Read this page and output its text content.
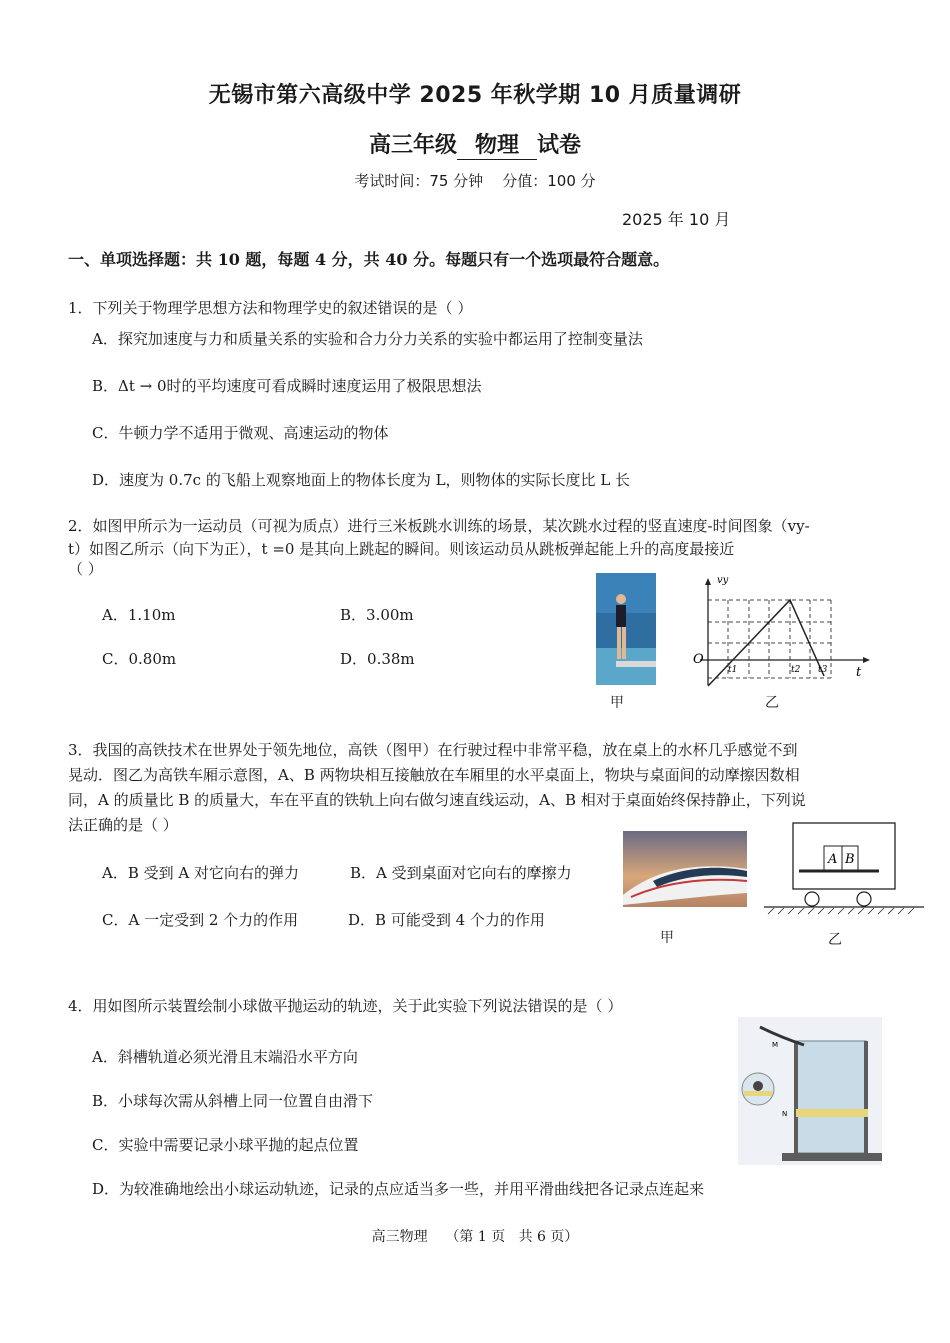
无锡市第六高级中学 2025 年秋学期 10 月质量调研
高三年级 物理 试卷
考试时间：75 分钟    分值：100 分
2025 年 10 月
一、单项选择题：共 10 题，每题 4 分，共 40 分。每题只有一个选项最符合题意。
1．下列关于物理学思想方法和物理学史的叙述错误的是（ ）
A．探究加速度与力和质量关系的实验和合力分力关系的实验中都运用了控制变量法
B．Δt → 0时的平均速度可看成瞬时速度运用了极限思想法
C．牛顿力学不适用于微观、高速运动的物体
D．速度为 0.7c 的飞船上观察地面上的物体长度为 L，则物体的实际长度比 L 长
2．如图甲所示为一运动员（可视为质点）进行三米板跳水训练的场景，某次跳水过程的竖直速度-时间图象（vy-
t）如图乙所示（向下为正），t =0 是其向上跳起的瞬间。则该运动员从跳板弹起能上升的高度最接近
（ ）
A．1.10m	B．3.00m
C．0.80m	D．0.38m
甲
vy
O
t
t1	t2 t3
乙
3．我国的高铁技术在世界处于领先地位，高铁（图甲）在行驶过程中非常平稳，放在桌上的水杯几乎感觉不到
晃动．图乙为高铁车厢示意图，A、B 两物块相互接触放在车厢里的水平桌面上，物块与桌面间的动摩擦因数相
同，A 的质量比 B 的质量大，车在平直的铁轨上向右做匀速直线运动，A、B 相对于桌面始终保持静止，下列说
法正确的是（ ）
A．B 受到 A 对它向右的弹力	B．A 受到桌面对它向右的摩擦力
C．A 一定受到 2 个力的作用	D．B 可能受到 4 个力的作用
甲
A B
乙
4．用如图所示装置绘制小球做平抛运动的轨迹，关于此实验下列说法错误的是（ ）
A．斜槽轨道必须光滑且末端沿水平方向
B．小球每次需从斜槽上同一位置自由滑下
C．实验中需要记录小球平抛的起点位置
D．为较准确地绘出小球运动轨迹，记录的点应适当多一些，并用平滑曲线把各记录点连起来
M
N
高三物理    （第 1 页   共 6 页）
